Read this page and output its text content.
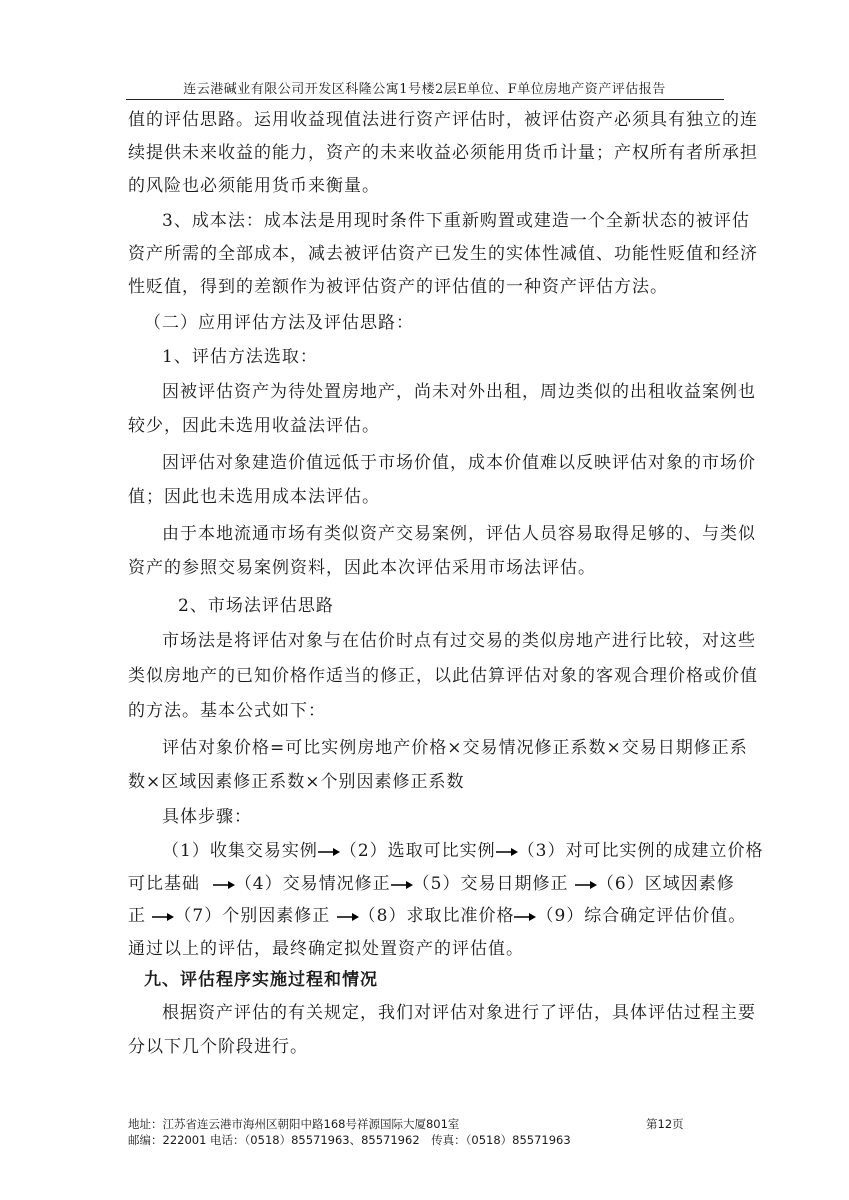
连云港碱业有限公司开发区科隆公寓1号楼2层E单位、F单位房地产资产评估报告
值的评估思路。运用收益现值法进行资产评估时，被评估资产必须具有独立的连
续提供未来收益的能力，资产的未来收益必须能用货币计量；产权所有者所承担
的风险也必须能用货币来衡量。
3、成本法：成本法是用现时条件下重新购置或建造一个全新状态的被评估
资产所需的全部成本，减去被评估资产已发生的实体性减值、功能性贬值和经济
性贬值，得到的差额作为被评估资产的评估值的一种资产评估方法。
（二）应用评估方法及评估思路：
1、评估方法选取：
因被评估资产为待处置房地产，尚未对外出租，周边类似的出租收益案例也
较少，因此未选用收益法评估。
因评估对象建造价值远低于市场价值，成本价值难以反映评估对象的市场价
值；因此也未选用成本法评估。
由于本地流通市场有类似资产交易案例，评估人员容易取得足够的、与类似
资产的参照交易案例资料，因此本次评估采用市场法评估。
2、市场法评估思路
市场法是将评估对象与在估价时点有过交易的类似房地产进行比较，对这些
类似房地产的已知价格作适当的修正，以此估算评估对象的客观合理价格或价值
的方法。基本公式如下：
评估对象价格=可比实例房地产价格×交易情况修正系数×交易日期修正系
数×区域因素修正系数×个别因素修正系数
具体步骤：
（1）收集交易实例 （2）选取可比实例 （3）对可比实例的成建立价格
可比基础 （4）交易情况修正 （5）交易日期修正 （6）区域因素修
正 （7）个别因素修正 （8）求取比准价格 （9）综合确定评估价值。
通过以上的评估，最终确定拟处置资产的评估值。
九、评估程序实施过程和情况
根据资产评估的有关规定，我们对评估对象进行了评估，具体评估过程主要
分以下几个阶段进行。
地址：江苏省连云港市海州区朝阳中路168号祥源国际大厦801室
邮编：222001 电话：（0518）85571963、85571962　传真：（0518）85571963
第12页
